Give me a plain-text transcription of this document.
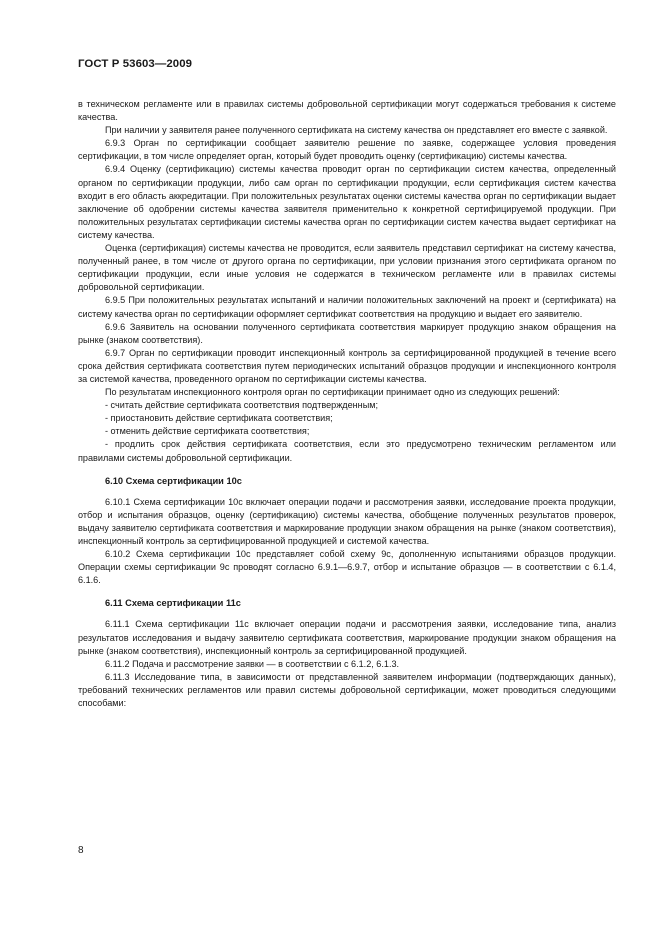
ГОСТ Р 53603—2009

в техническом регламенте или в правилах системы добровольной сертификации могут содержаться требования к системе качества.

При наличии у заявителя ранее полученного сертификата на систему качества он представляет его вместе с заявкой.

6.9.3 Орган по сертификации сообщает заявителю решение по заявке, содержащее условия проведения сертификации, в том числе определяет орган, который будет проводить оценку (сертификацию) системы качества.

6.9.4 Оценку (сертификацию) системы качества проводит орган по сертификации систем качества, определенный органом по сертификации продукции, либо сам орган по сертификации продукции, если сертификация систем качества входит в его область аккредитации. При положительных результатах оценки системы качества орган по сертификации выдает заключение об одобрении системы качества заявителя применительно к конкретной сертифицируемой продукции. При положительных результатах сертификации системы качества орган по сертификации систем качества выдает сертификат на систему качества.

Оценка (сертификация) системы качества не проводится, если заявитель представил сертификат на систему качества, полученный ранее, в том числе от другого органа по сертификации, при условии признания этого сертификата органом по сертификации продукции, если иные условия не содержатся в техническом регламенте или в правилах системы добровольной сертификации.

6.9.5 При положительных результатах испытаний и наличии положительных заключений на проект и (сертификата) на систему качества орган по сертификации оформляет сертификат соответствия на продукцию и выдает его заявителю.

6.9.6 Заявитель на основании полученного сертификата соответствия маркирует продукцию знаком обращения на рынке (знаком соответствия).

6.9.7 Орган по сертификации проводит инспекционный контроль за сертифицированной продукцией в течение всего срока действия сертификата соответствия путем периодических испытаний образцов продукции и инспекционного контроля за системой качества, проведенного органом по сертификации системы качества.

По результатам инспекционного контроля орган по сертификации принимает одно из следующих решений:

- считать действие сертификата соответствия подтвержденным;

- приостановить действие сертификата соответствия;

- отменить действие сертификата соответствия;

- продлить срок действия сертификата соответствия, если это предусмотрено техническим регламентом или правилами системы добровольной сертификации.

6.10 Схема сертификации 10с

6.10.1 Схема сертификации 10с включает операции подачи и рассмотрения заявки, исследование проекта продукции, отбор и испытания образцов, оценку (сертификацию) системы качества, обобщение полученных результатов проверок, выдачу заявителю сертификата соответствия и маркирование продукции знаком обращения на рынке (знаком соответствия), инспекционный контроль за сертифицированной продукцией и системой качества.

6.10.2 Схема сертификации 10с представляет собой схему 9с, дополненную испытаниями образцов продукции. Операции схемы сертификации 9с проводят согласно 6.9.1—6.9.7, отбор и испытание образцов — в соответствии с 6.1.4, 6.1.6.

6.11 Схема сертификации 11с

6.11.1 Схема сертификации 11с включает операции подачи и рассмотрения заявки, исследование типа, анализ результатов исследования и выдачу заявителю сертификата соответствия, маркирование продукции знаком обращения на рынке (знаком соответствия), инспекционный контроль за сертифицированной продукцией.

6.11.2 Подача и рассмотрение заявки — в соответствии с 6.1.2, 6.1.3.

6.11.3 Исследование типа, в зависимости от представленной заявителем информации (подтверждающих данных), требований технических регламентов или правил системы добровольной сертификации, может проводиться следующими способами:

8
